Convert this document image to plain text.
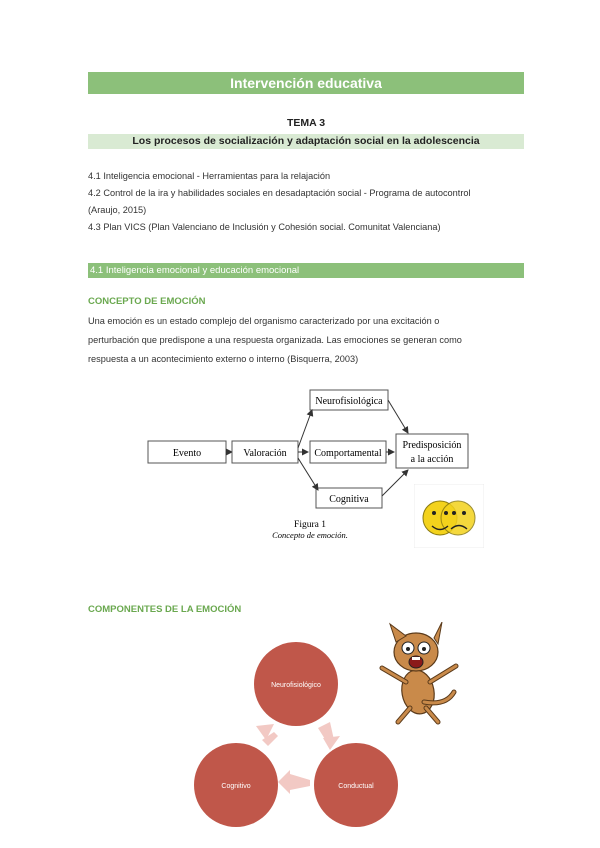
Intervención educativa
TEMA 3
Los procesos de socialización y adaptación social en la adolescencia
4.1 Inteligencia emocional - Herramientas para la relajación
4.2 Control de la ira y habilidades sociales en desadaptación social - Programa de autocontrol
(Araujo, 2015)
4.3 Plan VICS (Plan Valenciano de Inclusión y Cohesión social. Comunitat Valenciana)
4.1 Inteligencia emocional y educación emocional
CONCEPTO DE EMOCIÓN
Una emoción es un estado complejo del organismo caracterizado por una excitación o
perturbación que predispone a una respuesta organizada. Las emociones se generan como
respuesta a un acontecimiento externo o interno (Bisquerra, 2003)
Evento	Valoración
Neurofisiológica
Comportamental
Cognitiva
Predisposición
a la acción
Figura 1
Concepto de emoción.
COMPONENTES DE LA EMOCIÓN
Neurofisiológico
Conductual
Cognitivo
